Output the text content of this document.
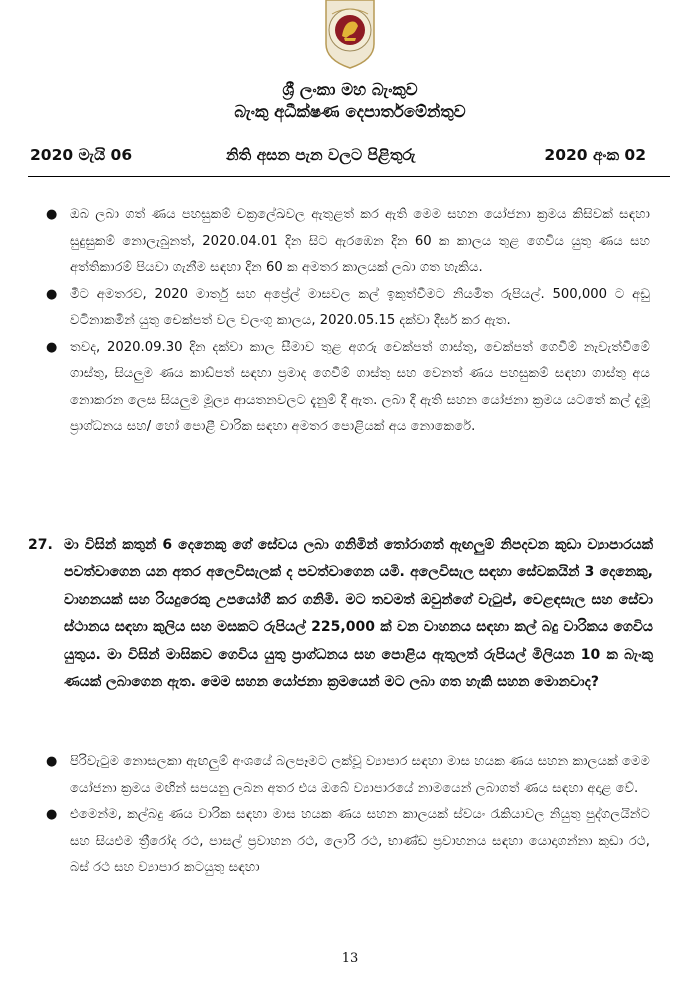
ශ්‍රී ලංකා මහ බැංකුව
බැංකු අධීක්ෂණ දෙපාර්තමේන්තුව
2020 මැයි 06	නිති අසන පැන වලට පිළිතුරු	2020 අංක 02
● ඔබ ලබා ගත් ණය පහසුකම් චක්‍රලේඛවල ඇතුළත් කර ඇති මෙම සහන යෝජනා ක්‍රමය කිසිවක් සඳහා සුදුසුකම් නොලැබුනත්, 2020.04.01 දින සිට ඇරඹෙන දින 60 ක කාලය තුළ ගෙවිය යුතු ණය සහ අත්තිකාරම් පියවා ගැනීම සඳහා දින 60 ක අමතර කාලයක් ලබා ගත හැකිය.
● මීට අමතරව, 2020 මාර්තු සහ අප්‍රේල් මාසවල කල් ඉකුත්වීමට නියමිත රුපියල්. 500,000 ට අඩු වටිනාකමින් යුතු චෙක්පත් වල වලංගු කාලය, 2020.05.15 දක්වා දීර්ඝ කර ඇත.
● තවද, 2020.09.30 දින දක්වා කාල සීමාව තුළ අගරු චෙක්පත් ගාස්තු, චෙක්පත් ගෙවීම් නැවැත්වීමේ ගාස්තු, සියලුම ණය කාඩ්පත් සඳහා ප්‍රමාද ගෙවීම් ගාස්තු සහ වෙනත් ණය පහසුකම් සඳහා ගාස්තු අය නොකරන ලෙස සියලුම මූල්‍ය ආයතනවලට දැනුම් දී ඇත. ලබා දී ඇති සහන යෝජනා ක්‍රමය යටතේ කල් දැමූ ප්‍රාග්ධනය සහ/ හෝ පොළී වාරික සඳහා අමතර පොළියක් අය නොකෙරේ.
27. මා විසින් කතුන් 6 දෙනෙකු ගේ සේවය ලබා ගනිමින් තෝරාගත් ඇඟලුම් නිපදවන කුඩා ව්‍යාපාරයක් පවත්වාගෙන යන අතර අලෙවිසැලක් ද පවත්වාගෙන යමි. අලෙවිසැල සඳහා සේවකයින් 3 දෙනෙකු, වාහනයක් සහ රියදුරෙකු උපයෝගී කර ගනිමි. මට තවමත් ඔවුන්ගේ වැටුප්, වෙළඳසැල සහ සේවා ස්ථානය සඳහා කුලිය සහ මසකට රුපියල් 225,000 ක් වන වාහනය සඳහා කල් බදු වාරිකය ගෙවිය යුතුය. මා විසින් මාසිකව ගෙවිය යුතු ප්‍රාග්ධනය සහ පොළිය ඇතුලත් රුපියල් මිලියන 10 ක බැංකු ණයක් ලබාගෙන ඇත. මෙම සහන යෝජනා ක්‍රමයෙන් මට ලබා ගත හැකි සහන මොනවාද?
● පිරිවැටුම නොසලකා ඇඟලුම් අංශයේ බලපෑමට ලක්වූ ව්‍යාපාර සඳහා මාස හයක ණය සහන කාලයක් මෙම යෝජනා ක්‍රමය මඟින් සපයනු ලබන අතර එය ඔබේ ව්‍යාපාරයේ නාමයෙන් ලබාගත් ණය සඳහා අදාළ වේ.
● එමෙන්ම, කල්බදු ණය වාරික සඳහා මාස හයක ණය සහන කාලයක් ස්වයං රැකියාවල නියුතු පුද්ගලයින්ට සහ සියළුම ත්‍රීරෝද රථ, පාසල් ප්‍රවාහන රථ, ලොරි රථ, භාණ්ඩ ප්‍රවාහනය සඳහා යොදාගන්නා කුඩා රථ, බස් රථ සහ ව්‍යාපාර කටයුතු සඳහා
13
